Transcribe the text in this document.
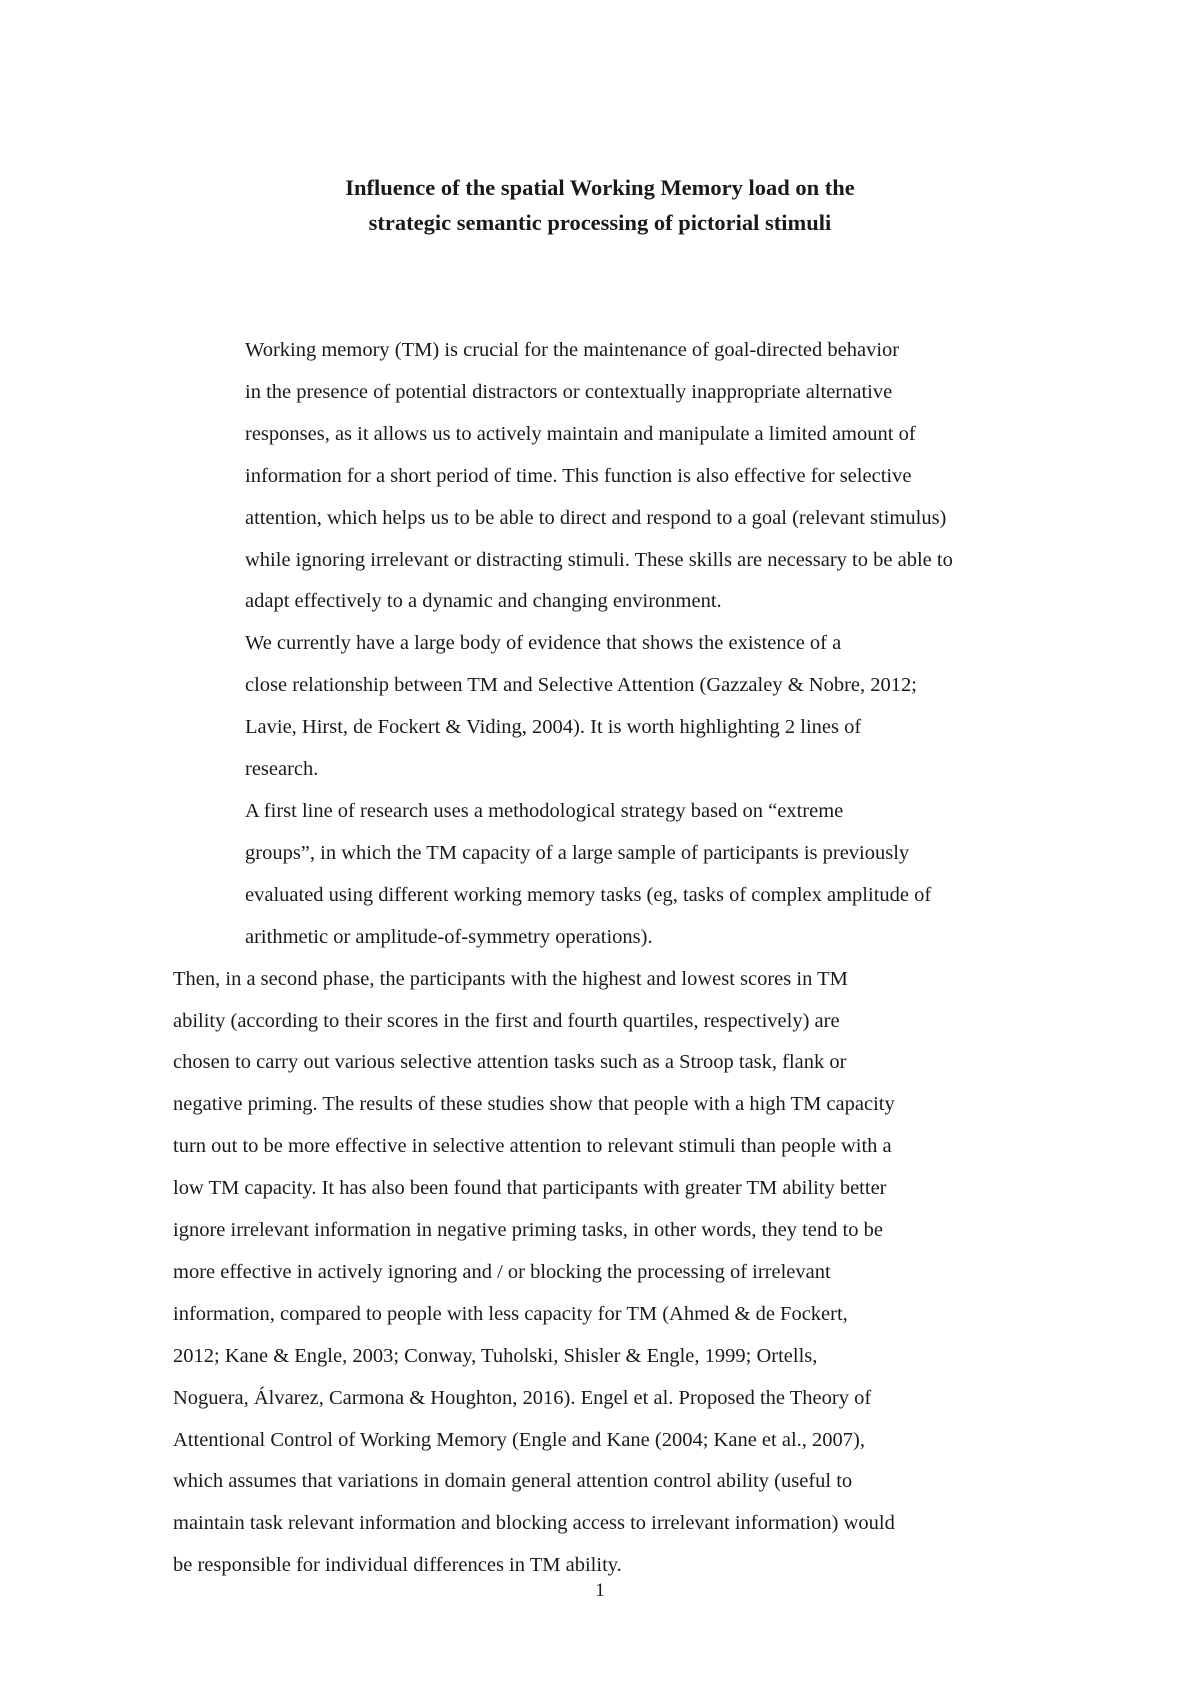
Influence of the spatial Working Memory load on the
strategic semantic processing of pictorial stimuli

Working memory (TM) is crucial for the maintenance of goal-directed behavior
in the presence of potential distractors or contextually inappropriate alternative
responses, as it allows us to actively maintain and manipulate a limited amount of
information for a short period of time. This function is also effective for selective
attention, which helps us to be able to direct and respond to a goal (relevant stimulus)
while ignoring irrelevant or distracting stimuli. These skills are necessary to be able to
adapt effectively to a dynamic and changing environment.

We currently have a large body of evidence that shows the existence of a
close relationship between TM and Selective Attention (Gazzaley & Nobre, 2012;
Lavie, Hirst, de Fockert & Viding, 2004). It is worth highlighting 2 lines of
research.

A first line of research uses a methodological strategy based on “extreme
groups”, in which the TM capacity of a large sample of participants is previously
evaluated using different working memory tasks (eg, tasks of complex amplitude of
arithmetic or amplitude-of-symmetry operations).

Then, in a second phase, the participants with the highest and lowest scores in TM
ability (according to their scores in the first and fourth quartiles, respectively) are
chosen to carry out various selective attention tasks such as a Stroop task, flank or
negative priming. The results of these studies show that people with a high TM capacity
turn out to be more effective in selective attention to relevant stimuli than people with a
low TM capacity. It has also been found that participants with greater TM ability better
ignore irrelevant information in negative priming tasks, in other words, they tend to be
more effective in actively ignoring and / or blocking the processing of irrelevant
information, compared to people with less capacity for TM (Ahmed & de Fockert,
2012; Kane & Engle, 2003; Conway, Tuholski, Shisler & Engle, 1999; Ortells,
Noguera, Álvarez, Carmona & Houghton, 2016). Engel et al. Proposed the Theory of
Attentional Control of Working Memory (Engle and Kane (2004; Kane et al., 2007),
which assumes that variations in domain general attention control ability (useful to
maintain task relevant information and blocking access to irrelevant information) would
be responsible for individual differences in TM ability.

1
